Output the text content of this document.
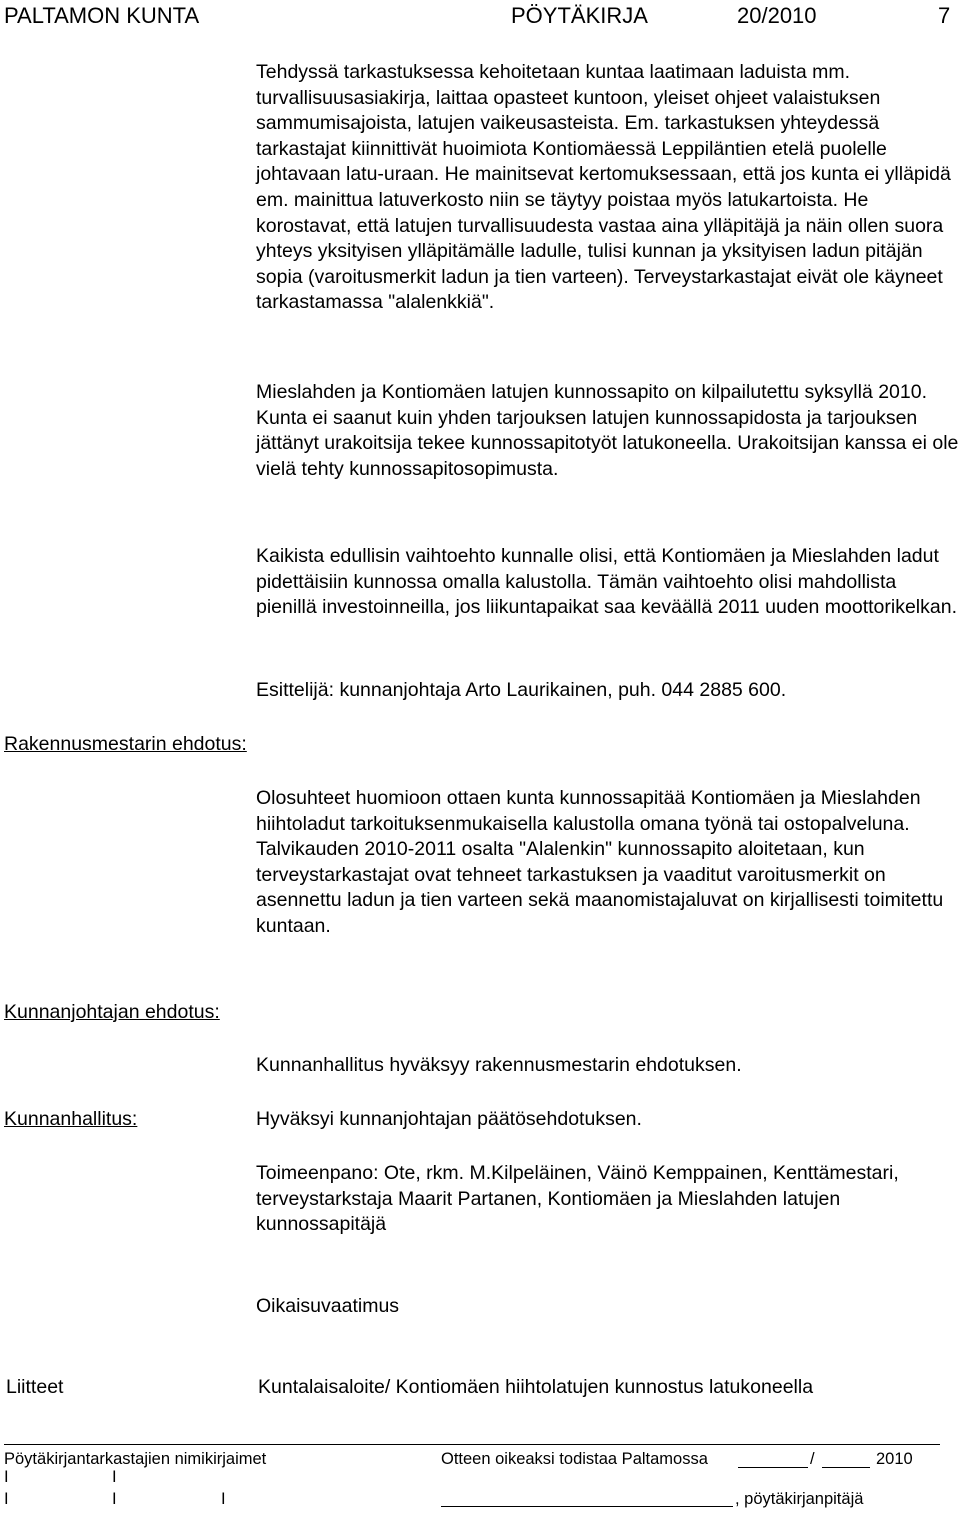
PALTAMON KUNTA	PÖYTÄKIRJA	20/2010	7

Tehdyssä tarkastuksessa kehoitetaan kuntaa laatimaan laduista mm. turvallisuusasiakirja, laittaa opasteet kuntoon, yleiset ohjeet valaistuksen sammumisajoista, latujen vaikeusasteista. Em. tarkastuksen yhteydessä tarkastajat kiinnittivät huoimiota Kontiomäessä Leppiläntien etelä puolelle johtavaan latu-uraan. He mainitsevat kertomuksessaan, että jos kunta ei ylläpidä em. mainittua latuverkosto niin se täytyy poistaa myös latukartoista. He korostavat, että latujen turvallisuudesta vastaa aina ylläpitäjä ja näin ollen suora yhteys yksityisen ylläpitämälle ladulle, tulisi kunnan ja yksityisen ladun pitäjän sopia (varoitusmerkit ladun ja tien varteen). Terveystarkastajat eivät ole käyneet tarkastamassa "alalenkkiä".

Mieslahden ja Kontiomäen latujen kunnossapito on kilpailutettu syksyllä 2010. Kunta ei saanut kuin yhden tarjouksen latujen kunnossapidosta ja tarjouksen jättänyt urakoitsija tekee kunnossapitotyöt latukoneella. Urakoitsijan kanssa ei ole vielä tehty kunnossapitosopimusta.

Kaikista edullisin vaihtoehto kunnalle olisi, että Kontiomäen ja Mieslahden ladut pidettäisiin kunnossa omalla kalustolla. Tämän vaihtoehto olisi mahdollista pienillä investoinneilla, jos liikuntapaikat saa keväällä 2011 uuden moottorikelkan.

Esittelijä: kunnanjohtaja Arto Laurikainen, puh. 044 2885 600.

Rakennusmestarin ehdotus:

Olosuhteet huomioon ottaen kunta kunnossapitää Kontiomäen ja Mieslahden hiihtoladut tarkoituksenmukaisella kalustolla omana työnä tai ostopalveluna. Talvikauden 2010-2011 osalta "Alalenkin" kunnossapito aloitetaan, kun terveystarkastajat ovat tehneet tarkastuksen ja vaaditut varoitusmerkit on asennettu ladun ja tien varteen sekä maanomistajaluvat on kirjallisesti toimitettu kuntaan.

Kunnanjohtajan ehdotus:

Kunnanhallitus hyväksyy rakennusmestarin ehdotuksen.

Kunnanhallitus:	Hyväksyi kunnanjohtajan päätösehdotuksen.

Toimeenpano: Ote, rkm. M.Kilpeläinen, Väinö Kemppainen, Kenttämestari, terveystarkstaja Maarit Partanen, Kontiomäen ja Mieslahden latujen kunnossapitäjä

Oikaisuvaatimus

Liitteet	Kuntalaisaloite/ Kontiomäen hiihtolatujen kunnostus latukoneella
Pöytäkirjantarkastajien nimikirjaimet	Otteen oikeaksi todistaa Paltamossa	/	2010
I	I
I	I	I	, pöytäkirjanpitäjä
